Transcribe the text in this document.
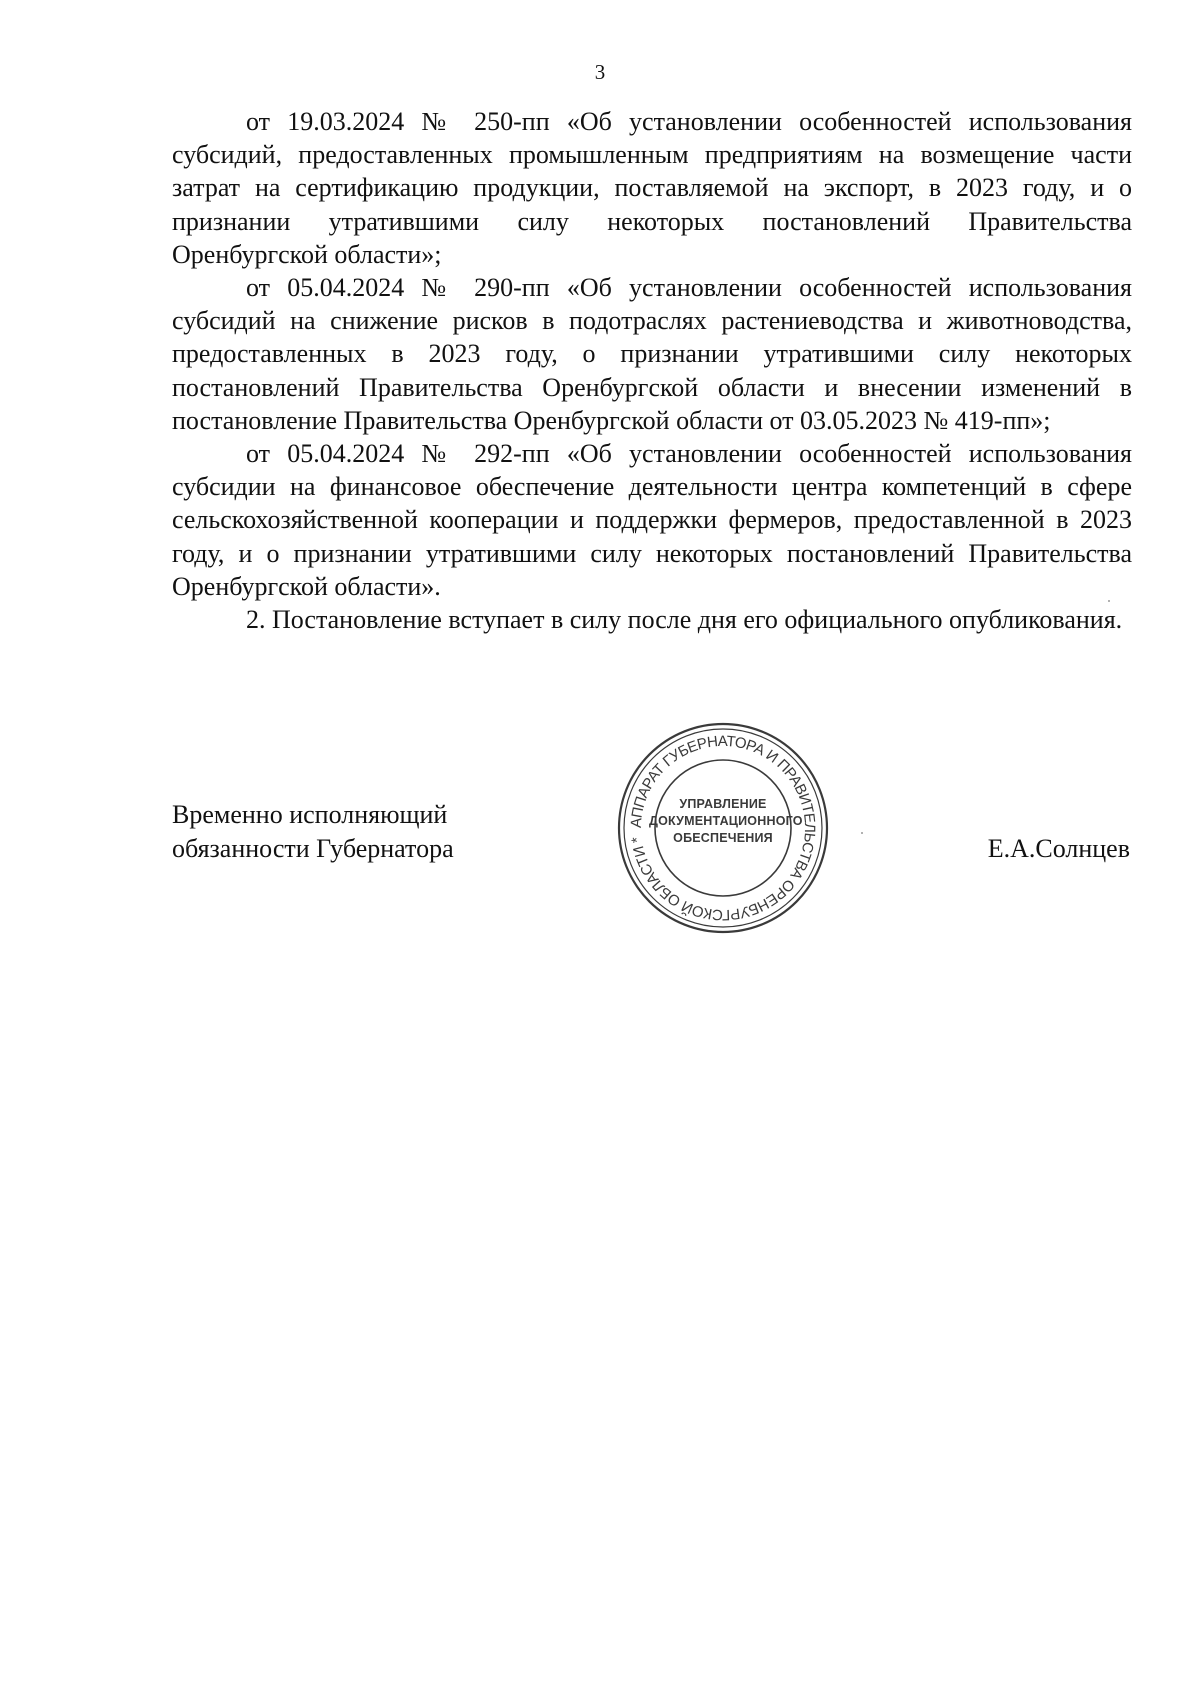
3

от 19.03.2024 № 250-пп «Об установлении особенностей использования субсидий, предоставленных промышленным предприятиям на возмещение части затрат на сертификацию продукции, поставляемой на экспорт, в 2023 году, и о признании утратившими силу некоторых постановлений Правительства Оренбургской области»;

от 05.04.2024 № 290-пп «Об установлении особенностей использования субсидий на снижение рисков в подотраслях растениеводства и животноводства, предоставленных в 2023 году, о признании утратившими силу некоторых постановлений Правительства Оренбургской области и внесении изменений в постановление Правительства Оренбургской области от 03.05.2023 № 419-пп»;

от 05.04.2024 № 292-пп «Об установлении особенностей использования субсидии на финансовое обеспечение деятельности центра компетенций в сфере сельскохозяйственной кооперации и поддержки фермеров, предоставленной в 2023 году, и о признании утратившими силу некоторых постановлений Правительства Оренбургской области».

2. Постановление вступает в силу после дня его официального опубликования.

Временно исполняющий
обязанности Губернатора	Е.А.Солнцев
АППАРАТ ГУБЕРНАТОРА И ПРАВИТЕЛЬСТВА ОРЕНБУРГСКОЙ ОБЛАСТИ *
УПРАВЛЕНИЕ
ДОКУМЕНТАЦИОННОГО
ОБЕСПЕЧЕНИЯ
